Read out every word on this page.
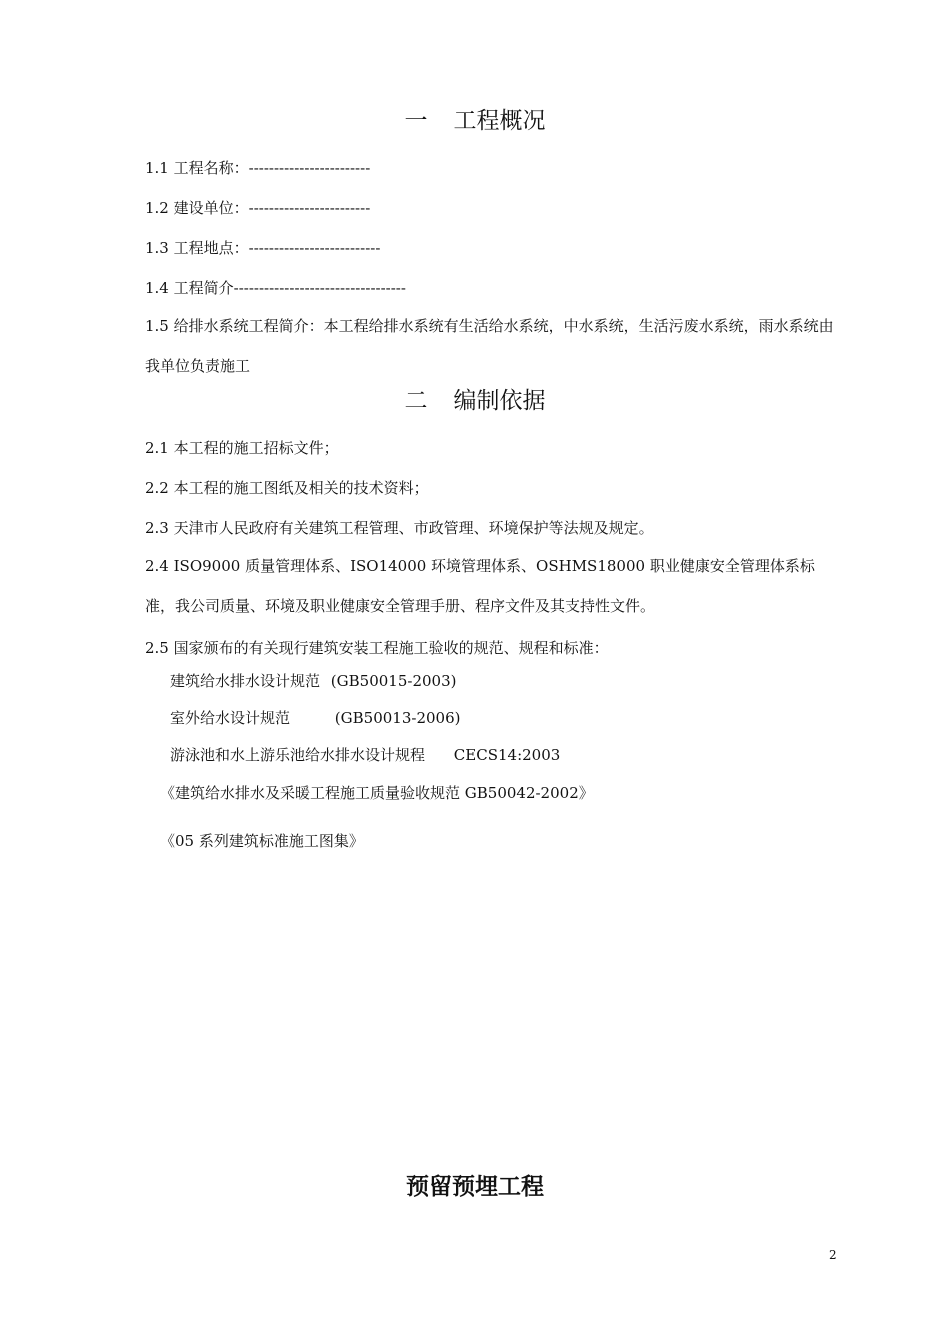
一 工程概况
1.1 工程名称：------------------------
1.2 建设单位：------------------------
1.3 工程地点：--------------------------
1.4 工程简介----------------------------------
1.5 给排水系统工程简介：本工程给排水系统有生活给水系统，中水系统，生活污废水系统，雨水系统由我单位负责施工
二 编制依据
2.1 本工程的施工招标文件；
2.2 本工程的施工图纸及相关的技术资料；
2.3 天津市人民政府有关建筑工程管理、市政管理、环境保护等法规及规定。
2.4 ISO9000 质量管理体系、ISO14000 环境管理体系、OSHMS18000 职业健康安全管理体系标准，我公司质量、环境及职业健康安全管理手册、程序文件及其支持性文件。
2.5 国家颁布的有关现行建筑安装工程施工验收的规范、规程和标准：
建筑给水排水设计规范 (GB50015-2003)
室外给水设计规范	(GB50013-2006)
游泳池和水上游乐池给水排水设计规程 CECS14:2003
《建筑给水排水及采暖工程施工质量验收规范 GB50042-2002》
《05 系列建筑标准施工图集》
预留预埋工程
2
